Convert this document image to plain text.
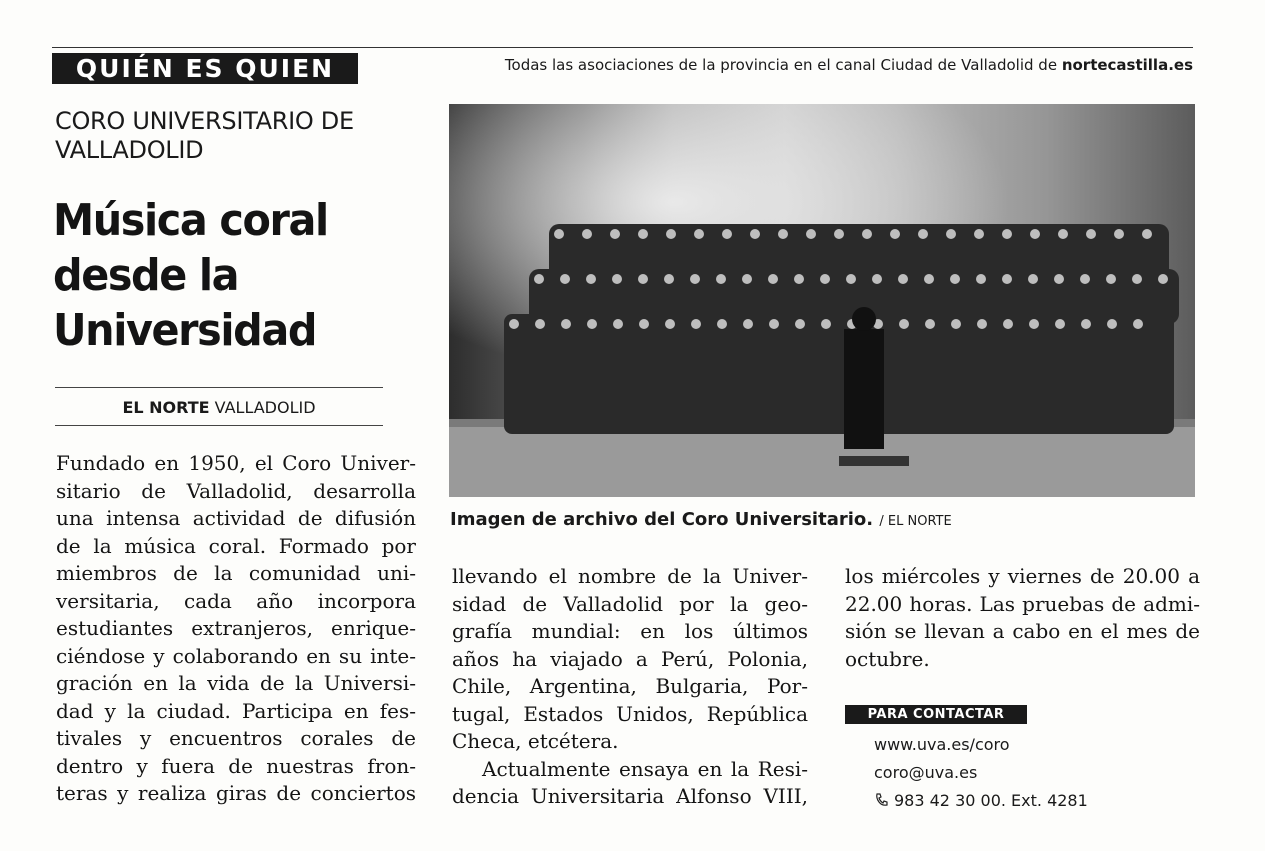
QUIÉN ES QUIEN	Todas las asociaciones de la provincia en el canal Ciudad de Valladolid de nortecastilla.es
CORO UNIVERSITARIO DE
VALLADOLID
Música coral
desde la
Universidad
EL NORTE VALLADOLID

Fundado en 1950, el Coro Univer-
sitario de Valladolid, desarrolla
una intensa actividad de difusión
de la música coral. Formado por
miembros de la comunidad uni-
versitaria, cada año incorpora
estudiantes extranjeros, enrique-
ciéndose y colaborando en su inte-
gración en la vida de la Universi-
dad y la ciudad. Participa en fes-
tivales y encuentros corales de
dentro y fuera de nuestras fron-
teras y realiza giras de conciertos

Imagen de archivo del Coro Universitario. / EL NORTE

llevando el nombre de la Univer-
sidad de Valladolid por la geo-
grafía mundial: en los últimos
años ha viajado a Perú, Polonia,
Chile, Argentina, Bulgaria, Por-
tugal, Estados Unidos, República
Checa, etcétera.

Actualmente ensaya en la Resi-
dencia Universitaria Alfonso VIII,

los miércoles y viernes de 20.00 a
22.00 horas. Las pruebas de admi-
sión se llevan a cabo en el mes de
octubre.

PARA CONTACTAR
www.uva.es/coro
coro@uva.es
983 42 30 00. Ext. 4281
